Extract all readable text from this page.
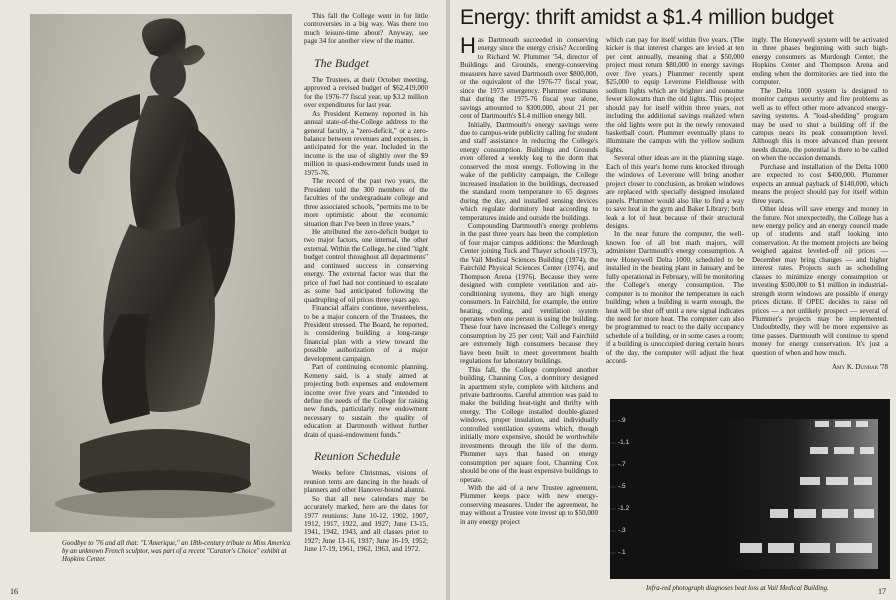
Goodbye to '76 and all that: "L'Amerique," an 18th-century tribute to Miss America by an unknown French sculptor, was part of a recent "Curator's Choice" exhibit at Hopkins Center.

This fall the College went in for little controversies in a big way. Was there too much leisure-time about? Anyway, see page 34 for another view of the matter.

The Budget

The Trustees, at their October meeting, approved a revised budget of $62,419,000 for the 1976-77 fiscal year, up $3.2 million over expenditures for last year.

As President Kemeny reported in his annual state-of-the-College address to the general faculty, a "zero-deficit," or a zero-balance between revenues and expenses, is anticipated for the year. Included in the income is the use of slightly over the $9 million in quasi-endowment funds used in 1975-76.

The record of the past two years, the President told the 300 members of the faculties of the undergraduate college and three associated schools, "permits me to be more optimistic about the economic situation than I've been in three years."

He attributed the zero-deficit budget to two major factors, one internal, the other external. Within the College, he cited "tight budget control throughout all departments" and continued success in conserving energy. The external factor was that the price of fuel had not continued to escalate as some had anticipated following the quadrupling of oil prices three years ago.

Financial affairs continue, nevertheless, to be a major concern of the Trustees, the President stressed. The Board, he reported, is considering building a long-range financial plan with a view toward the possible authorization of a major development campaign.

Part of continuing economic planning, Kemeny said, is a study aimed at projecting both expenses and endowment income over five years and "intended to define the needs of the College for raising new funds, particularly new endowment necessary to sustain the quality of education at Dartmouth without further drain of quasi-endowment funds."

Reunion Schedule

Weeks before Christmas, visions of reunion tents are dancing in the heads of planners and other Hanover-bound alumni.

So that all new calendars may be accurately marked, here are the dates for 1977 reunions: June 10-12, 1902, 1907, 1912, 1917, 1922, and 1927; June 13-15, 1941, 1942, 1943, and all classes prior to 1927; June 13-16, 1937; June 16-19, 1952; June 17-19, 1961, 1962, 1963, and 1972.

16
Energy: thrift amidst a $1.4 million budget

Has Dartmouth succeeded in conserving energy since the energy crisis? According to Richard W. Plummer '54, director of Buildings and Grounds, energy-conserving measures have saved Dartmouth over $800,000, or the equivalent of the 1976-77 fiscal year, since the 1973 emergency. Plummer estimates that during the 1975-76 fiscal year alone, savings amounted to $300,000, about 21 per cent of Dartmouth's $1.4 million energy bill.

Initially, Dartmouth's energy savings were due to campus-wide publicity calling for student and staff assistance in reducing the College's energy consumption. Buildings and Grounds even offered a weekly keg to the dorm that conserved the most energy. Following in the wake of the publicity campaign, the College increased insulation in the buildings, decreased the standard room temperature to 65 degrees during the day, and installed sensing devices which regulate dormitory heat according to temperatures inside and outside the buildings.

Compounding Dartmouth's energy problems in the past three years has been the completion of four major campus additions: the Murdough Center joining Tuck and Thayer schools (1973), the Vail Medical Sciences Building (1974), the Fairchild Physical Sciences Center (1974), and Thompson Arena (1976). Because they were designed with complete ventilation and air-conditioning systems, they are high energy consumers. In Fairchild, for example, the entire heating, cooling, and ventilation system operates when one person is using the building. These four have increased the College's energy consumption by 25 per cent; Vail and Fairchild are extremely high consumers because they have been built to meet government health regulations for laboratory buildings.

This fall, the College completed another building, Channing Cox, a dormitory designed in apartment style, complete with kitchens and private bathrooms. Careful attention was paid to make the building heat-tight and thrifty with energy. The College installed double-glazed windows, proper insulation, and individually controlled ventilation systems which, though initially more expensive, should be worthwhile investments through the life of the dorm. Plummer says that based on energy consumption per square foot, Channing Cox should be one of the least expensive buildings to operate.

With the aid of a new Trustee agreement, Plummer keeps pace with new energy-conserving measures. Under the agreement, he may without a Trustee vote invest up to $50,000 in any energy project

which can pay for itself within five years. (The kicker is that interest charges are levied at ten per cent annually, meaning that a $50,000 project must return $80,000 in energy savings over five years.) Plummer recently spent $25,000 to equip Leverone Fieldhouse with sodium lights which are brighter and consume fewer kilowatts than the old lights. This project should pay for itself within three years, not including the additional savings realized when the old lights were put in the newly renovated basketball court. Plummer eventually plans to illuminate the campus with the yellow sodium lights.

Several other ideas are in the planning stage. Each of this year's home runs knocked through the windows of Leverone will bring another project closer to conclusion, as broken windows are replaced with specially designed insulated panels. Plummer would also like to find a way to save heat in the gym and Baker Library; both leak a lot of heat because of their structural designs.

In the near future the computer, the well-known foe of all but math majors, will administer Dartmouth's energy consumption. A new Honeywell Delta 1000, scheduled to be installed in the heating plant in January and be fully operational in February, will be monitoring the College's energy consumption. The computer is to monitor the temperature in each building; when a building is warm enough, the heat will be shut off until a new signal indicates the need for more heat. The computer can also be programmed to react to the daily occupancy schedule of a building, or in some cases a room; if a building is unoccupied during certain hours of the day, the computer will adjust the heat accord-

ingly. The Honeywell system will be activated in three phases beginning with such high-energy consumers as Murdough Center, the Hopkins Center and Thompson Arena and ending when the dormitories are tied into the computer.

The Delta 1000 system is designed to monitor campus security and fire problems as well as to effect other more advanced energy-saving systems. A "load-shedding" program may be used to shut a building off if the campus nears its peak consumption level. Although this is more advanced than present needs dictate, the potential is there to be called on when the occasion demands.

Purchase and installation of the Delta 1000 are expected to cost $400,000. Plummer expects an annual payback of $140,000, which means the project should pay for itself within three years.

Other ideas will save energy and money in the future. Not unexpectedly, the College has a new energy policy and an energy council made up of students and staff looking into conservation. At the moment projects are being weighed against leveled-off oil prices — December may bring changes — and higher interest rates. Projects such as scheduling classes to minimize energy consumption or investing $500,000 to $1 million in industrial-strength storm windows are possible if energy prices dictate. If OPEC decides to raise oil prices — a not unlikely prospect — several of Plummer's projects may be implemented. Undoubtedly, they will be more expensive as time passes. Dartmouth will continue to spend money for energy conservation. It's just a question of when and how much.

Amy K. Dunbar '78
17
-.9
-1.1
-.7
-.5
-1.2
-.3
-.1
Infra-red photograph diagnoses heat loss at Vail Medical Building.
